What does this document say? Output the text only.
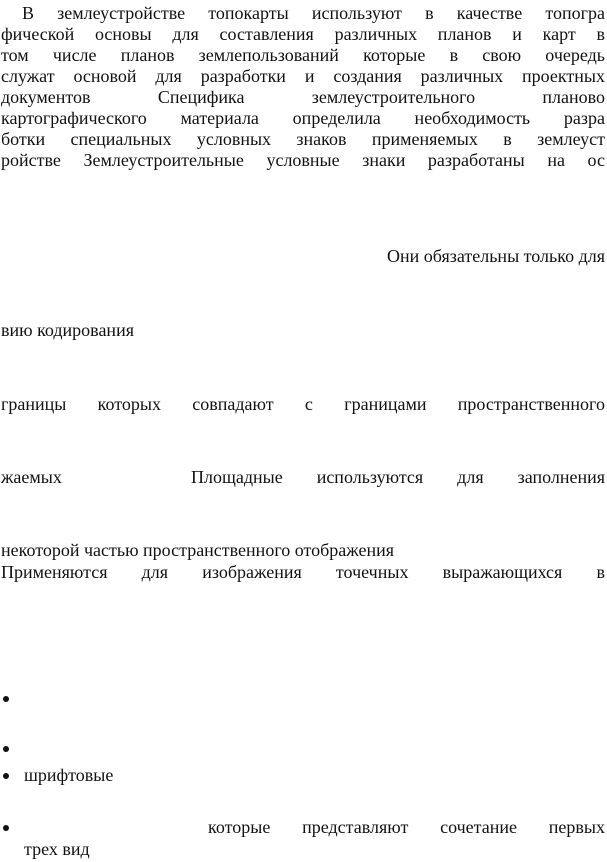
В землеустройстве топокарты используют в качестве топогра
фической основы для составления различных планов и карт в
том числе планов землепользований которые в свою очередь
служат основой для разработки и создания различных проектных
документов Специфика землеустроительного планово
картографического материала определила необходимость разра
ботки специальных условных знаков применяемых в землеуст
ройстве Землеустроительные условные знаки разработаны на ос
Они обязательны только для
вию кодирования
границы которых совпадают с границами пространственного
жаемых	Площадные используются для заполнения
некоторой частью пространственного отображения
Применяются для изображения точечных выражающихся в
шрифтовые
которые представляют сочетание первых
трех вид
